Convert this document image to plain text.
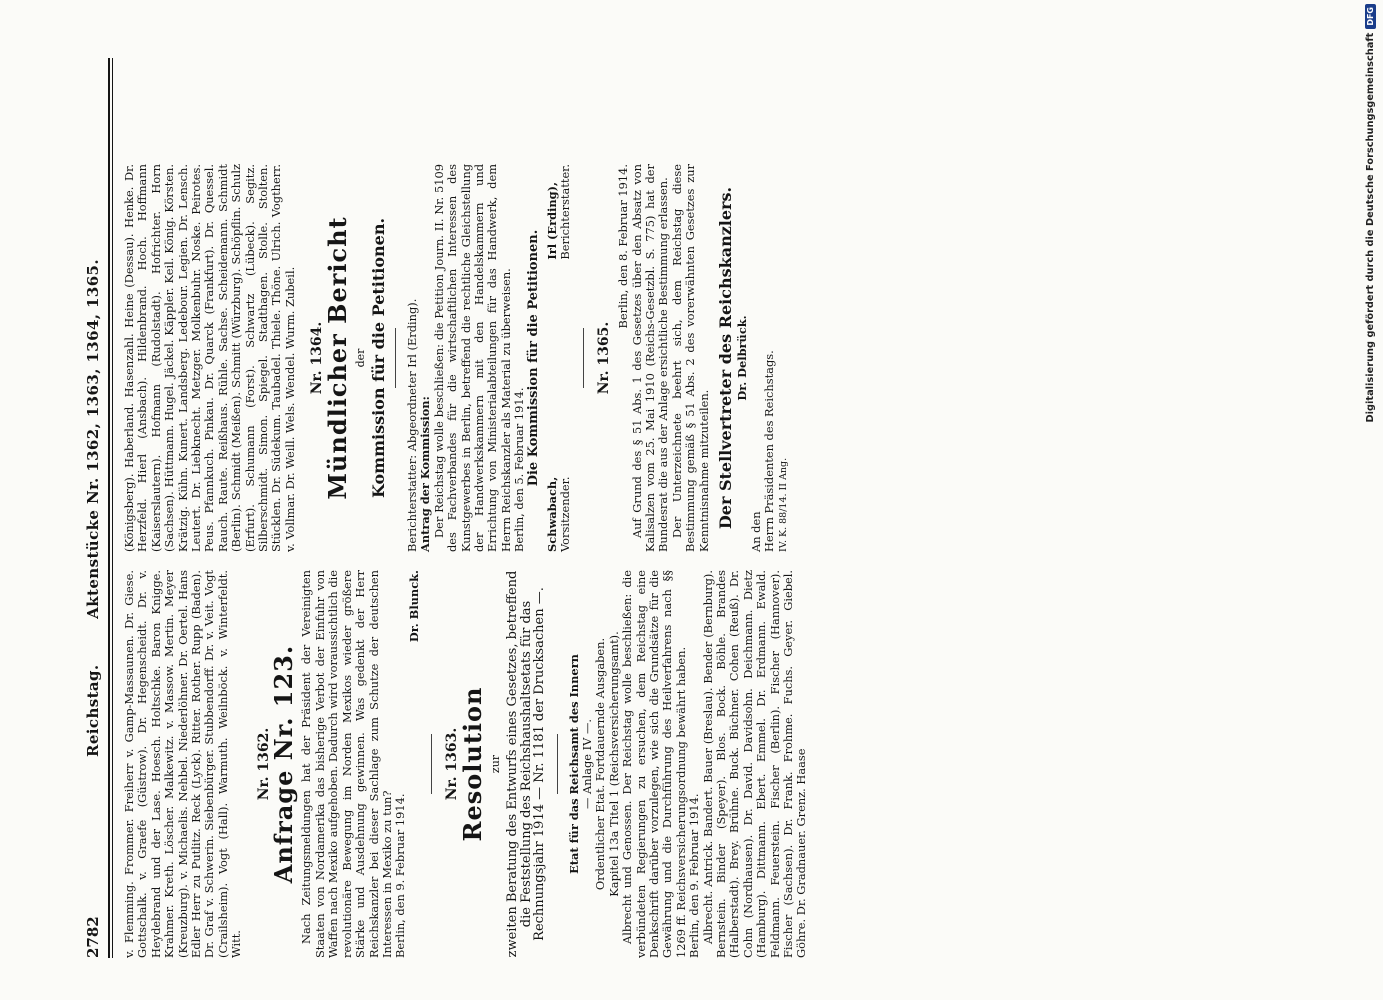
2782
Reichstag. Aktenstücke Nr. 1362, 1363, 1364, 1365.

v. Flemming. Frommer. Freiherr v. Gamp-Massaunen. Dr. Giese. Gottschalk. v. Graefe (Güstrow). Dr. Hegenscheidt. Dr. v. Heydebrand und der Lase. Hoesch. Holtschke. Baron Knigge. Krahmer. Kreth. Löscher. Malkewitz. v. Massow. Mertin. Meyer (Kreuzburg). v. Michaelis. Nehbel. Niederlöhner. Dr. Oertel. Hans Edler Herr zu Putlitz. Reck (Lyck). Ritter. Rother. Rupp (Baden). Dr. Graf v. Schwerin. Siebenbürger. Stubbendorff. Dr. v. Veit. Vogt (Crailsheim). Vogt (Hall). Warmuth. Weilnböck. v. Winterfeldt. Witt.

Nr. 1362.
Anfrage Nr. 123. Nach Zeitungsmeldungen hat der Präsident der Vereinigten Staaten von Nordamerika das bisherige Verbot der Einfuhr von Waffen nach Mexiko aufgehoben. Dadurch wird voraussichtlich die revolutionäre Bewegung im Norden Mexikos wieder größere Stärke und Ausdehnung gewinnen. Was gedenkt der Herr Reichskanzler bei dieser Sachlage zum Schutze der deutschen Interessen in Mexiko zu tun? Berlin, den 9. Februar 1914.

Dr. Blunck.

Nr. 1363.
Resolution zur zweiten Beratung des Entwurfs eines Gesetzes, betreffend die Feststellung des Reichshaushaltsetats für das Rechnungsjahr 1914 — Nr. 1181 der Drucksachen —. Etat für das Reichsamt des Innern — Anlage IV —. Ordentlicher Etat. Fortdauernde Ausgaben. Kapitel 13a Titel 1 (Reichsversicherungsamt). Albrecht und Genossen. Der Reichstag wolle beschließen: die verbündeten Regierungen zu ersuchen, dem Reichstag eine Denkschrift darüber vorzulegen, wie sich die Grundsätze für die Gewährung und die Durchführung des Heilverfahrens nach §§ 1269 ff. Reichsversicherungsordnung bewährt haben. Berlin, den 9. Februar 1914. Albrecht. Antrick. Bandert. Bauer (Breslau). Bender (Bernburg). Bernstein. Binder (Speyer). Blos. Bock. Böhle. Brandes (Halberstadt). Brey. Brühne. Buck. Büchner. Cohen (Reuß). Dr. Cohn (Nordhausen). Dr. David. Davidsohn. Deichmann. Dietz (Hamburg). Dittmann. Ebert. Emmel. Dr. Erdmann. Ewald. Feldmann. Feuerstein. Fischer (Berlin). Fischer (Hannover). Fischer (Sachsen). Dr. Frank. Frohme. Fuchs. Geyer. Giebel. Göhre. Dr. Gradnauer. Grenz. Haase

(Königsberg). Haberland. Hasenzahl. Heine (Dessau). Henke. Dr. Herzfeld. Hierl (Ansbach). Hildenbrand. Hoch. Hoffmann (Kaiserslautern). Hofmann (Rudolstadt). Hofrichter. Horn (Sachsen). Hüttmann. Hugel. Jäckel. Käppler. Keil. König. Körsten. Krätzig. Kühn. Kunert. Landsberg. Ledebour. Legien. Dr. Lensch. Leutert. Dr. Liebknecht. Metzger. Molkenbuhr. Noske. Peirotes. Peus. Pfannkuch. Pinkau. Dr. Quarck (Frankfurt). Dr. Quessel. Rauch. Raute. Reißhaus. Rühle. Sachse. Scheidemann. Schmidt (Berlin). Schmidt (Meißen). Schmitt (Würzburg). Schöpflin. Schulz (Erfurt). Schumann (Forst). Schwartz (Lübeck). Segitz. Silberschmidt. Simon. Spiegel. Stadthagen. Stolle. Stolten. Stücklen. Dr. Südekum. Taubadel. Thiele. Thöne. Ulrich. Vogtherr. v. Vollmar. Dr. Weill. Wels. Wendel. Wurm. Zubeil. Nr. 1364.
Mündlicher Bericht der Kommission für die Petitionen. Berichterstatter: Abgeordneter Irl (Erding). Antrag der Kommission: Der Reichstag wolle beschließen: die Petition Journ. II. Nr. 5109 des Fachverbandes für die wirtschaftlichen Interessen des Kunstgewerbes in Berlin, betreffend die rechtliche Gleichstellung der Handwerkskammern mit den Handelskammern und Errichtung von Ministerialabteilungen für das Handwerk, dem Herrn Reichskanzler als Material zu überweisen. Berlin, den 5. Februar 1914. Die Kommission für die Petitionen.
Schwabach, Vorsitzender.
Irl (Erding), Berichterstatter.
Nr. 1365.

Berlin, den 8. Februar 1914. Auf Grund des § 51 Abs. 1 des Gesetzes über den Absatz von Kalisalzen vom 25. Mai 1910 (Reichs-Gesetzbl. S. 775) hat der Bundesrat die aus der Anlage ersichtliche Bestimmung erlassen. Der Unterzeichnete beehrt sich, dem Reichstag diese Bestimmung gemäß § 51 Abs. 2 des vorerwähnten Gesetzes zur Kenntnisnahme mitzuteilen. Der Stellvertreter des Reichskanzlers. Dr. Delbrück.

An den Herrn Präsidenten des Reichstags. IV. K. 88/14. II Ang.

Digitalisierung gefördert durch die Deutsche Forschungsgemeinschaft
DFG
